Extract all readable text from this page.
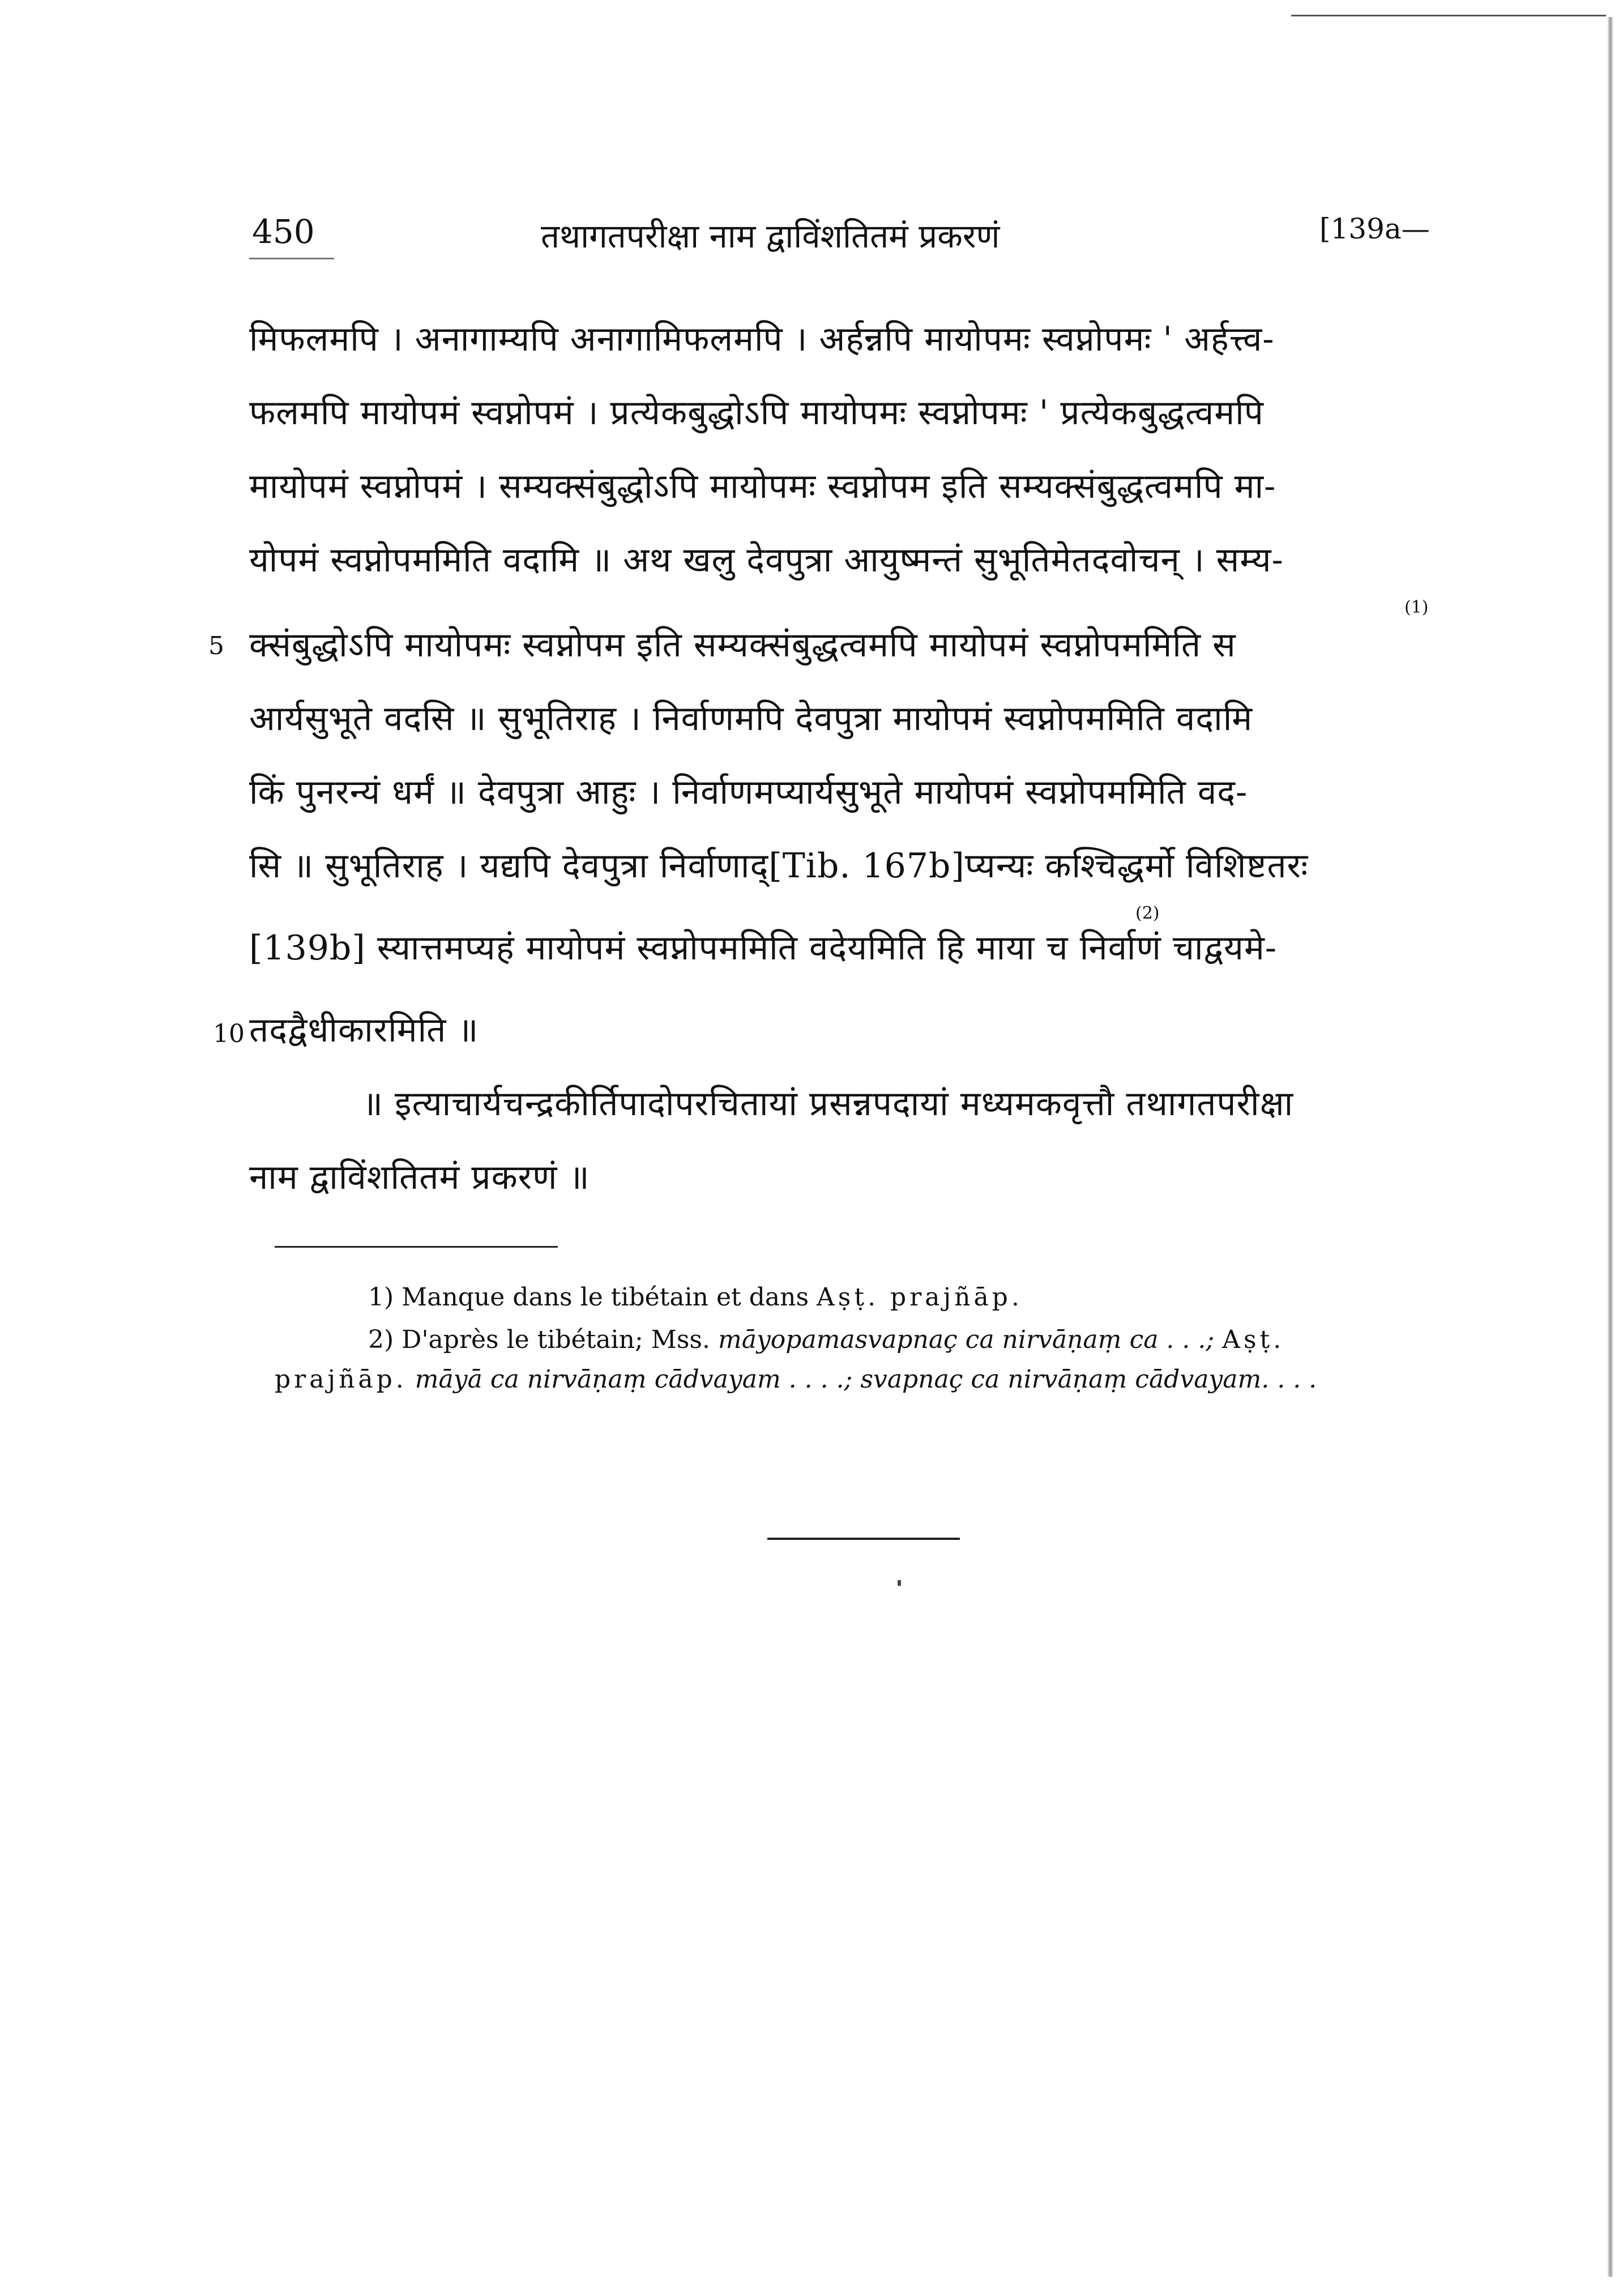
450	तथागतपरीक्षा नाम द्वाविंशतितमं प्रकरणं	[139a—
मिफलमपि । अनागाम्यपि अनागामिफलमपि । अर्हन्नपि मायोपमः स्वप्नोपमः ' अर्हत्त्व-
फलमपि मायोपमं स्वप्नोपमं । प्रत्येकबुद्धोऽपि मायोपमः स्वप्नोपमः ' प्रत्येकबुद्धत्वमपि
मायोपमं स्वप्नोपमं । सम्यक्संबुद्धोऽपि मायोपमः स्वप्नोपम इति सम्यक्संबुद्धत्वमपि मा-
योपमं स्वप्नोपममिति वदामि ॥ अथ खलु देवपुत्रा आयुष्मन्तं सुभूतिमेतदवोचन् । सम्य-
5
(1)
क्संबुद्धोऽपि मायोपमः स्वप्नोपम इति सम्यक्संबुद्धत्वमपि मायोपमं स्वप्नोपममिति स
आर्यसुभूते वदसि ॥ सुभूतिराह । निर्वाणमपि देवपुत्रा मायोपमं स्वप्नोपममिति वदामि
किं पुनरन्यं धर्मं ॥ देवपुत्रा आहुः । निर्वाणमप्यार्यसुभूते मायोपमं स्वप्नोपममिति वद-
सि ॥ सुभूतिराह । यद्यपि देवपुत्रा निर्वाणाद्[Tib. 167b]प्यन्यः कश्चिद्धर्मो विशिष्टतरः
(2)
[139b] स्यात्तमप्यहं मायोपमं स्वप्नोपममिति वदेयमिति हि माया च निर्वाणं चाद्वयमे-
10 तदद्वैधीकारमिति ॥
॥ इत्याचार्यचन्द्रकीर्तिपादोपरचितायां प्रसन्नपदायां मध्यमकवृत्तौ तथागतपरीक्षा
नाम द्वाविंशतितमं प्रकरणं ॥
1) Manque dans le tibétain et dans Aṣṭ. prajñāp.
2) D'après le tibétain; Mss. māyopamasvapnaç ca nirvāṇaṃ ca . . .; Aṣṭ.
prajñāp. māyā ca nirvāṇaṃ cādvayam . . . .; svapnaç ca nirvāṇaṃ cādvayam. . . .
